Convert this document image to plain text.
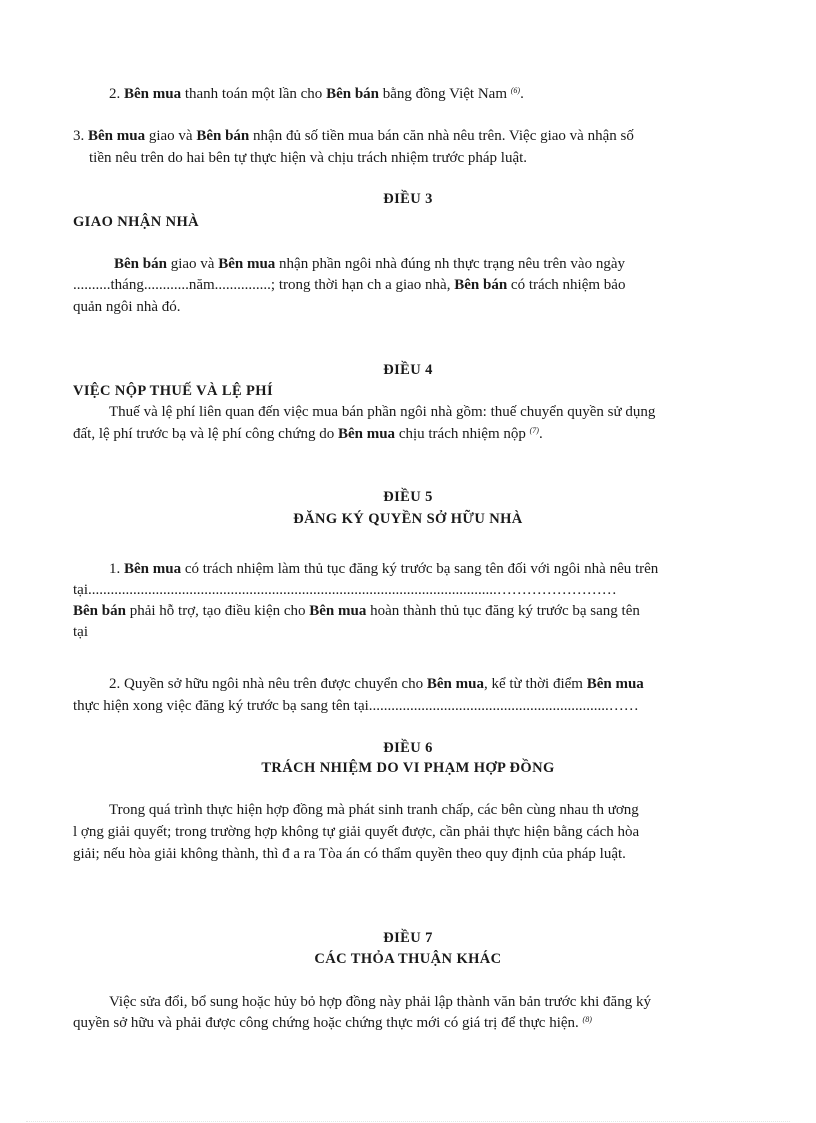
2. Bên mua thanh toán một lần cho Bên bán bằng đồng Việt Nam $^{(6)}$.

3. Bên mua giao và Bên bán nhận đủ số tiền mua bán căn nhà nêu trên. Việc giao và nhận số

tiền nêu trên do hai bên tự thực hiện và chịu trách nhiệm trước pháp luật.

ĐIỀU 3

GIAO NHẬN NHÀ

Bên bán giao và Bên mua nhận phần ngôi nhà đúng nh thực trạng nêu trên vào ngày

..........tháng............năm...............; trong thời hạn ch a giao nhà, Bên bán có trách nhiệm bảo

quản ngôi nhà đó.

ĐIỀU 4

VIỆC NỘP THUẾ VÀ LỆ PHÍ

Thuế và lệ phí liên quan đến việc mua bán phần ngôi nhà gồm: thuế chuyển quyền sử dụng

đất, lệ phí trước bạ và lệ phí công chứng do Bên mua chịu trách nhiệm nộp $^{(7)}$.

ĐIỀU 5

ĐĂNG KÝ QUYỀN SỞ HỮU NHÀ

1. Bên mua có trách nhiệm làm thủ tục đăng ký trước bạ sang tên đối với ngôi nhà nêu trên

tại.............................................................................................................……………………

Bên bán phải hỗ trợ, tạo điều kiện cho Bên mua hoàn thành thủ tục đăng ký trước bạ sang tên

tại

2. Quyền sở hữu ngôi nhà nêu trên được chuyển cho Bên mua, kể từ thời điểm Bên mua

thực hiện xong việc đăng ký trước bạ sang tên tại................................................................……

ĐIỀU 6

TRÁCH NHIỆM DO VI PHẠM HỢP ĐỒNG

Trong quá trình thực hiện hợp đồng mà phát sinh tranh chấp, các bên cùng nhau th ương

l ợng giải quyết; trong trường hợp không tự giải quyết được, cần phải thực hiện bằng cách hòa

giải; nếu hòa giải không thành, thì đ a ra Tòa án có thẩm quyền theo quy định của pháp luật.

ĐIỀU 7

CÁC THỎA THUẬN KHÁC

Việc sửa đổi, bổ sung hoặc hủy bỏ hợp đồng này phải lập thành văn bản trước khi đăng ký

quyền sở hữu và phải được công chứng hoặc chứng thực mới có giá trị để thực hiện. $^{(8)}$
